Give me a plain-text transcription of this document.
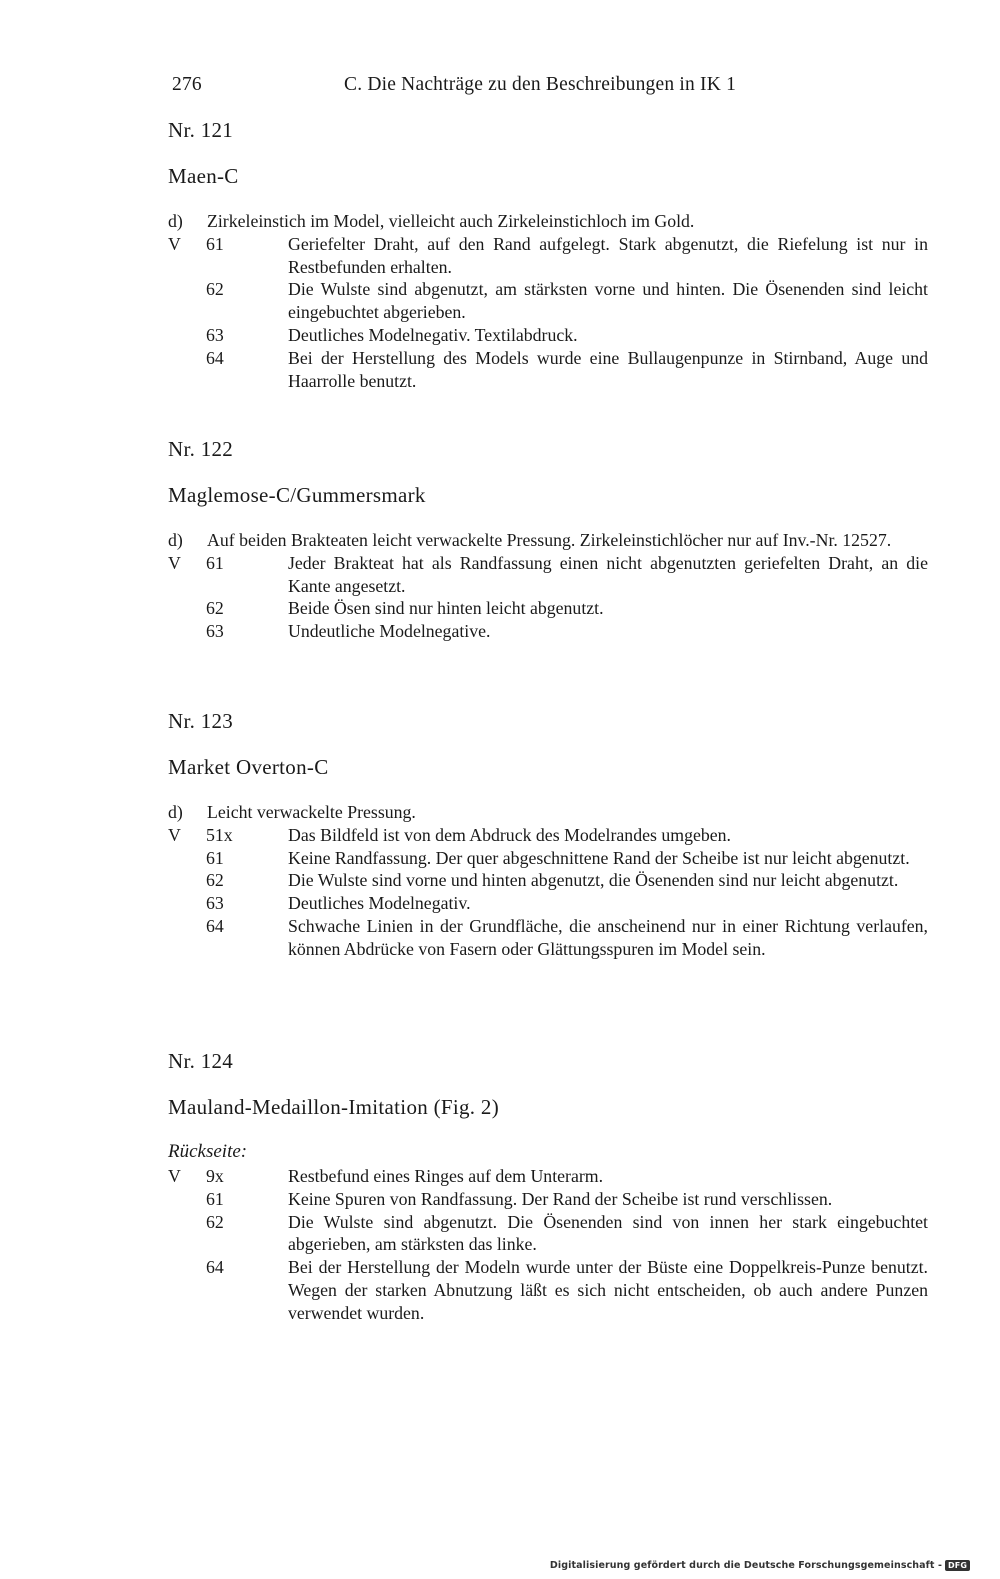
276	C. Die Nachträge zu den Beschreibungen in IK 1
Nr. 121
Maen-C
d) Zirkeleinstich im Model, vielleicht auch Zirkeleinstichloch im Gold.
V 61	Geriefelter Draht, auf den Rand aufgelegt. Stark abgenutzt, die Riefelung ist nur in Restbefunden erhalten.
62	Die Wulste sind abgenutzt, am stärksten vorne und hinten. Die Ösenenden sind leicht eingebuchtet abgerieben.
63	Deutliches Modelnegativ. Textilabdruck.
64	Bei der Herstellung des Models wurde eine Bullaugenpunze in Stirnband, Auge und Haarrolle benutzt.
Nr. 122
Maglemose-C/Gummersmark
d) Auf beiden Brakteaten leicht verwackelte Pressung. Zirkeleinstichlöcher nur auf Inv.-Nr. 12527.
V 61	Jeder Brakteat hat als Randfassung einen nicht abgenutzten geriefelten Draht, an die Kante angesetzt.
62	Beide Ösen sind nur hinten leicht abgenutzt.
63	Undeutliche Modelnegative.
Nr. 123
Market Overton-C
d) Leicht verwackelte Pressung.
V 51x	Das Bildfeld ist von dem Abdruck des Modelrandes umgeben.
61	Keine Randfassung. Der quer abgeschnittene Rand der Scheibe ist nur leicht abgenutzt.
62	Die Wulste sind vorne und hinten abgenutzt, die Ösenenden sind nur leicht abgenutzt.
63	Deutliches Modelnegativ.
64	Schwache Linien in der Grundfläche, die anscheinend nur in einer Richtung verlaufen, können Abdrücke von Fasern oder Glättungsspuren im Model sein.
Nr. 124
Mauland-Medaillon-Imitation (Fig. 2)
Rückseite:
V 9x	Restbefund eines Ringes auf dem Unterarm.
61	Keine Spuren von Randfassung. Der Rand der Scheibe ist rund verschlissen.
62	Die Wulste sind abgenutzt. Die Ösenenden sind von innen her stark eingebuchtet abgerieben, am stärksten das linke.
64	Bei der Herstellung der Modeln wurde unter der Büste eine Doppelkreis-Punze benutzt. Wegen der starken Abnutzung läßt es sich nicht entscheiden, ob auch andere Punzen verwendet wurden.
Digitalisierung gefördert durch die Deutsche Forschungsgemeinschaft - DFG
